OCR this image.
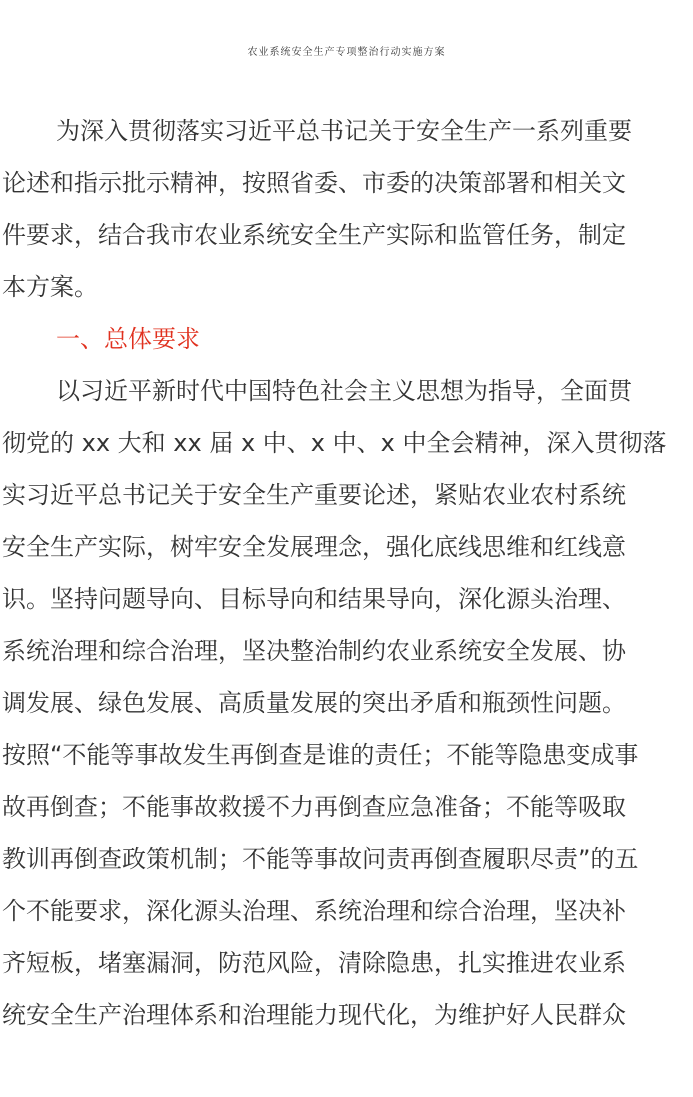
农业系统安全生产专项整治行动实施方案

为深入贯彻落实习近平总书记关于安全生产一系列重要

论述和指示批示精神，按照省委、市委的决策部署和相关文

件要求，结合我市农业系统安全生产实际和监管任务，制定

本方案。

一、总体要求

以习近平新时代中国特色社会主义思想为指导，全面贯

彻党的 xx 大和 xx 届 x 中、x 中、x 中全会精神，深入贯彻落

实习近平总书记关于安全生产重要论述，紧贴农业农村系统

安全生产实际，树牢安全发展理念，强化底线思维和红线意

识。坚持问题导向、目标导向和结果导向，深化源头治理、

系统治理和综合治理，坚决整治制约农业系统安全发展、协

调发展、绿色发展、高质量发展的突出矛盾和瓶颈性问题。

按照“不能等事故发生再倒查是谁的责任；不能等隐患变成事

故再倒查；不能事故救援不力再倒查应急准备；不能等吸取

教训再倒查政策机制；不能等事故问责再倒查履职尽责”的五

个不能要求，深化源头治理、系统治理和综合治理，坚决补

齐短板，堵塞漏洞，防范风险，清除隐患，扎实推进农业系

统安全生产治理体系和治理能力现代化，为维护好人民群众
